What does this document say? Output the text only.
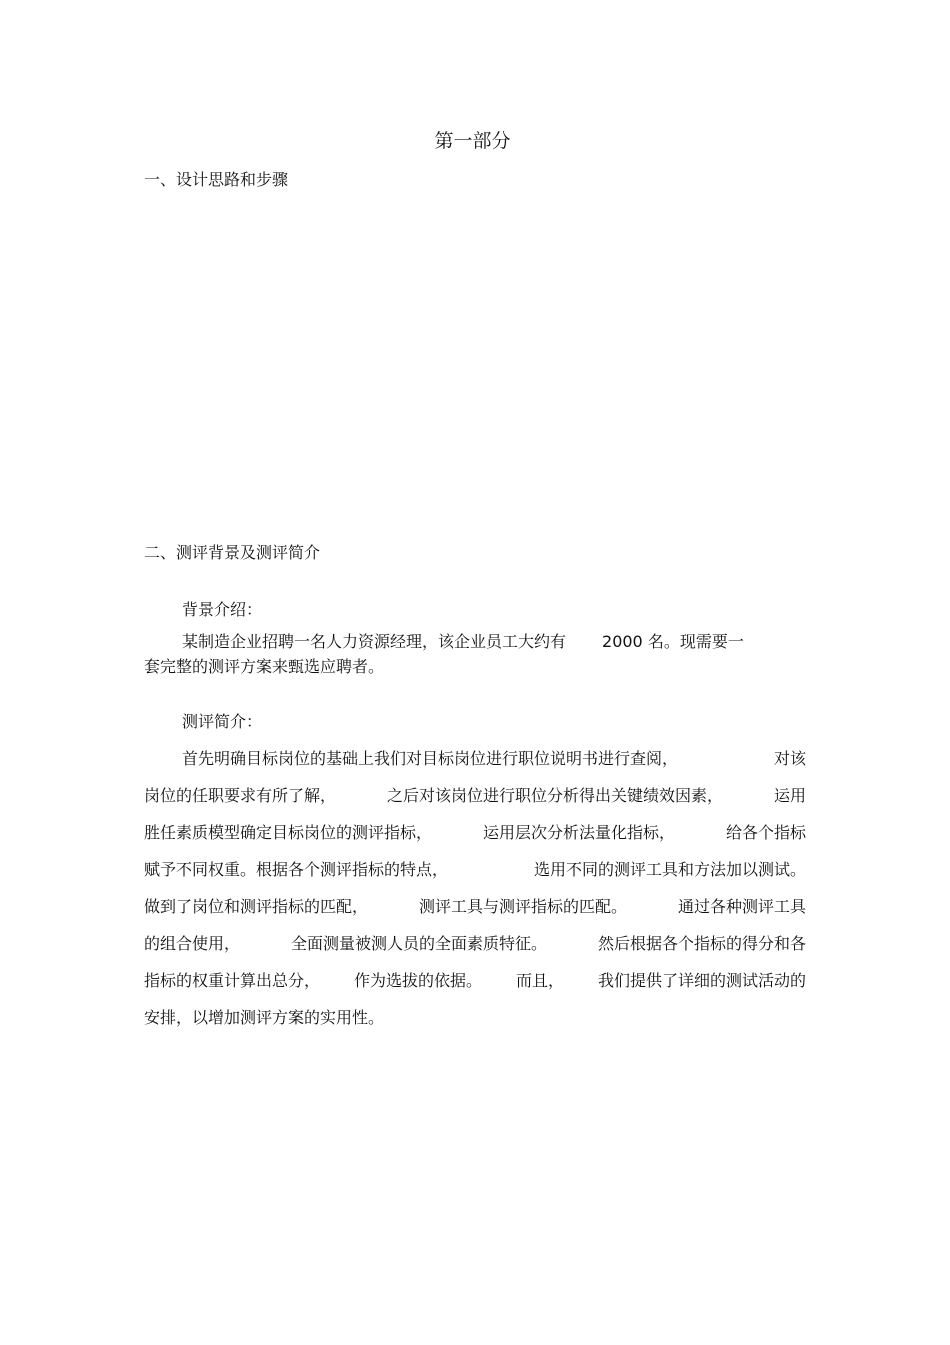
第一部分
一、设计思路和步骤
二、测评背景及测评简介
背景介绍：
某制造企业招聘一名人力资源经理，该企业员工大约有 2000 名。现需要一
套完整的测评方案来甄选应聘者。
测评简介：
首先明确目标岗位的基础上我们对目标岗位进行职位说明书进行查阅，	对该
岗位的任职要求有所了解，	之后对该岗位进行职位分析得出关键绩效因素，	运用
胜任素质模型确定目标岗位的测评指标，	运用层次分析法量化指标，	给各个指标
赋予不同权重。根据各个测评指标的特点，	选用不同的测评工具和方法加以测试。
做到了岗位和测评指标的匹配，	测评工具与测评指标的匹配。	通过各种测评工具
的组合使用，	全面测量被测人员的全面素质特征。	然后根据各个指标的得分和各
指标的权重计算出总分， 作为选拔的依据。 而且， 我们提供了详细的测试活动的
安排，以增加测评方案的实用性。
